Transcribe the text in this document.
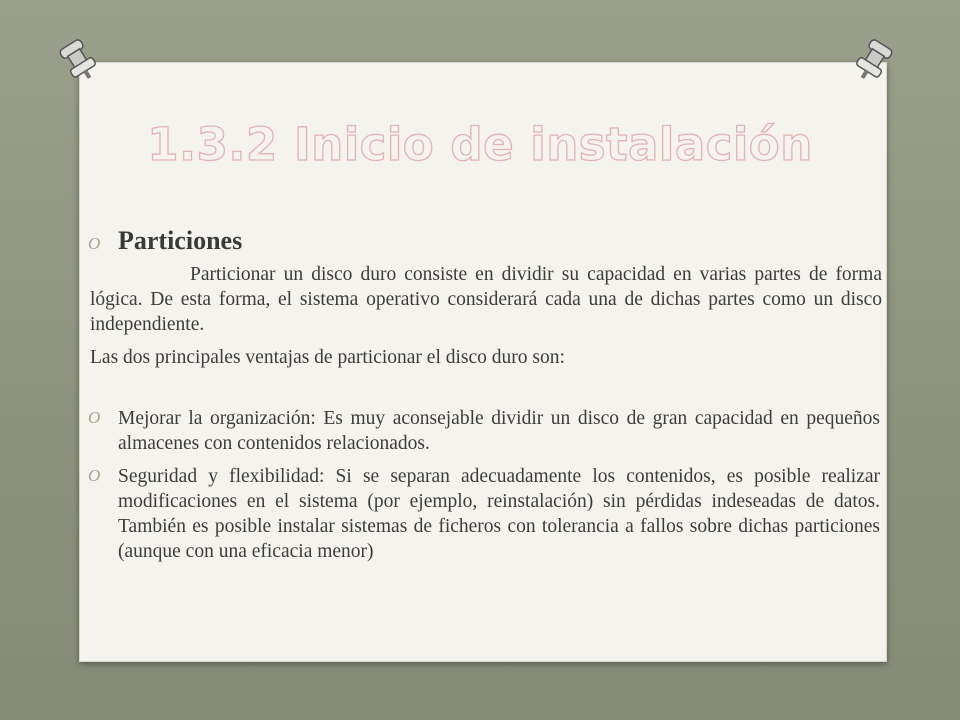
1.3.2 Inicio de instalación
O Particiones
Particionar un disco duro consiste en dividir su capacidad en varias partes de forma lógica. De esta forma, el sistema operativo considerará cada una de dichas partes como un disco independiente.
Las dos principales ventajas de particionar el disco duro son:
O Mejorar la organización: Es muy aconsejable dividir un disco de gran capacidad en pequeños almacenes con contenidos relacionados.
O Seguridad y flexibilidad: Si se separan adecuadamente los contenidos, es posible realizar modificaciones en el sistema (por ejemplo, reinstalación) sin pérdidas indeseadas de datos. También es posible instalar sistemas de ficheros con tolerancia a fallos sobre dichas particiones (aunque con una eficacia menor)
